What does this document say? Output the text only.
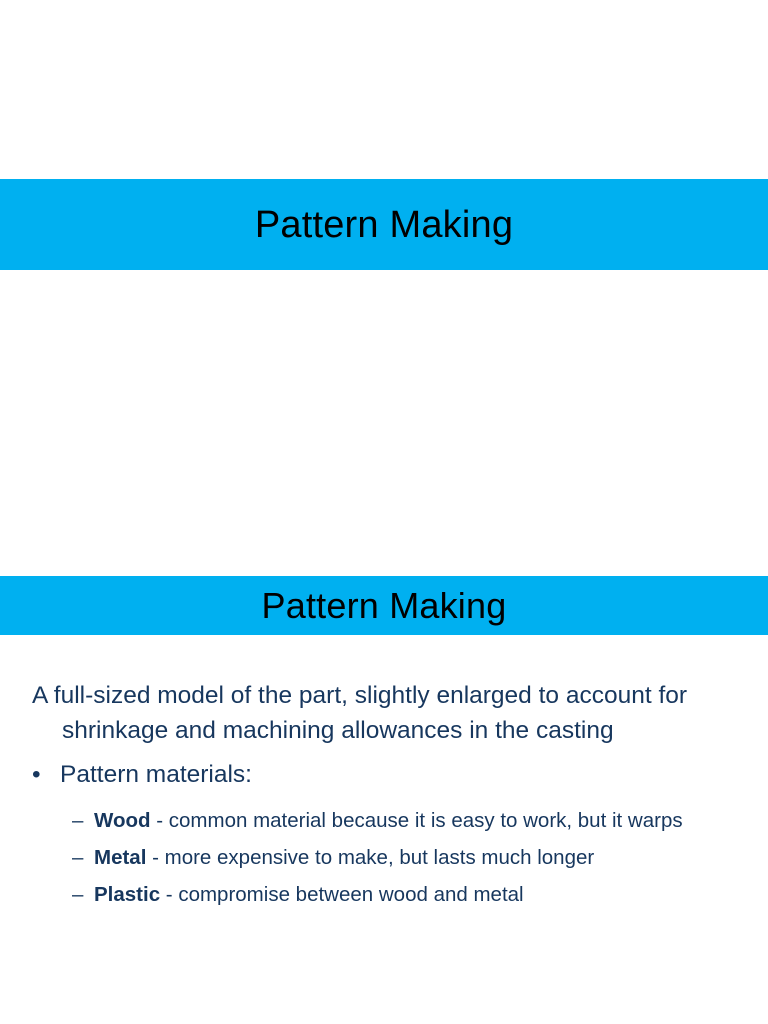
Pattern Making
Pattern Making

A full-sized model of the part, slightly enlarged to account for shrinkage and machining allowances in the casting

• Pattern materials:
– Wood - common material because it is easy to work, but it warps
– Metal - more expensive to make, but lasts much longer
– Plastic - compromise between wood and metal
